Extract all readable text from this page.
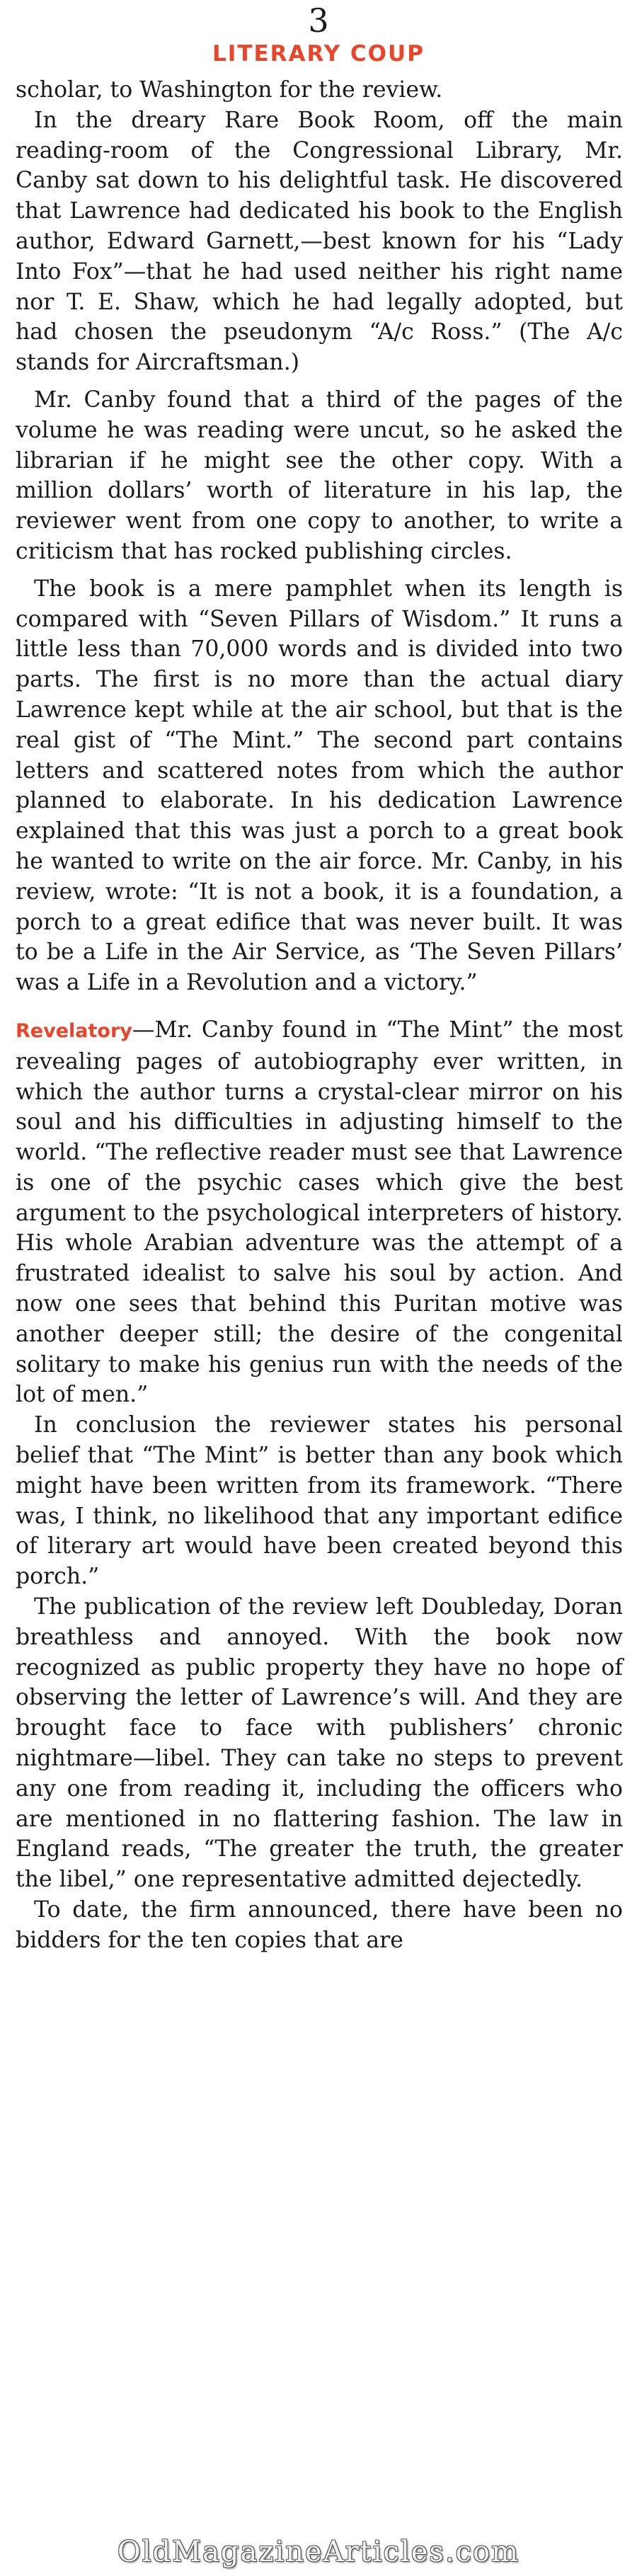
3
LITERARY COUP

scholar, to Washington for the review.

In the dreary Rare Book Room, off the main reading-room of the Congressional Library, Mr. Canby sat down to his delightful task. He discovered that Lawrence had dedicated his book to the English author, Edward Garnett,—best known for his “Lady Into Fox”—that he had used neither his right name nor T. E. Shaw, which he had legally adopted, but had chosen the pseudonym “A/c Ross.” (The A/c stands for Aircraftsman.)

Mr. Canby found that a third of the pages of the volume he was reading were uncut, so he asked the librarian if he might see the other copy. With a million dollars’ worth of literature in his lap, the reviewer went from one copy to another, to write a criticism that has rocked publishing circles.

The book is a mere pamphlet when its length is compared with “Seven Pillars of Wisdom.” It runs a little less than 70,000 words and is divided into two parts. The first is no more than the actual diary Lawrence kept while at the air school, but that is the real gist of “The Mint.” The second part contains letters and scattered notes from which the author planned to elaborate. In his dedication Lawrence explained that this was just a porch to a great book he wanted to write on the air force. Mr. Canby, in his review, wrote: “It is not a book, it is a foundation, a porch to a great edifice that was never built. It was to be a Life in the Air Service, as ‘The Seven Pillars’ was a Life in a Revolution and a victory.”

Revelatory—Mr. Canby found in “The Mint” the most revealing pages of autobiography ever written, in which the author turns a crystal-clear mirror on his soul and his difficulties in adjusting himself to the world. “The reflective reader must see that Lawrence is one of the psychic cases which give the best argument to the psychological interpreters of history. His whole Arabian adventure was the attempt of a frustrated idealist to salve his soul by action. And now one sees that behind this Puritan motive was another deeper still; the desire of the congenital solitary to make his genius run with the needs of the lot of men.”

In conclusion the reviewer states his personal belief that “The Mint” is better than any book which might have been written from its framework. “There was, I think, no likelihood that any important edifice of literary art would have been created beyond this porch.”

The publication of the review left Doubleday, Doran breathless and annoyed. With the book now recognized as public property they have no hope of observing the letter of Lawrence’s will. And they are brought face to face with publishers’ chronic nightmare—libel. They can take no steps to prevent any one from reading it, including the officers who are mentioned in no flattering fashion. The law in England reads, “The greater the truth, the greater the libel,” one representative admitted dejectedly.

To date, the firm announced, there have been no bidders for the ten copies that are

OldMagazineArticles.com
